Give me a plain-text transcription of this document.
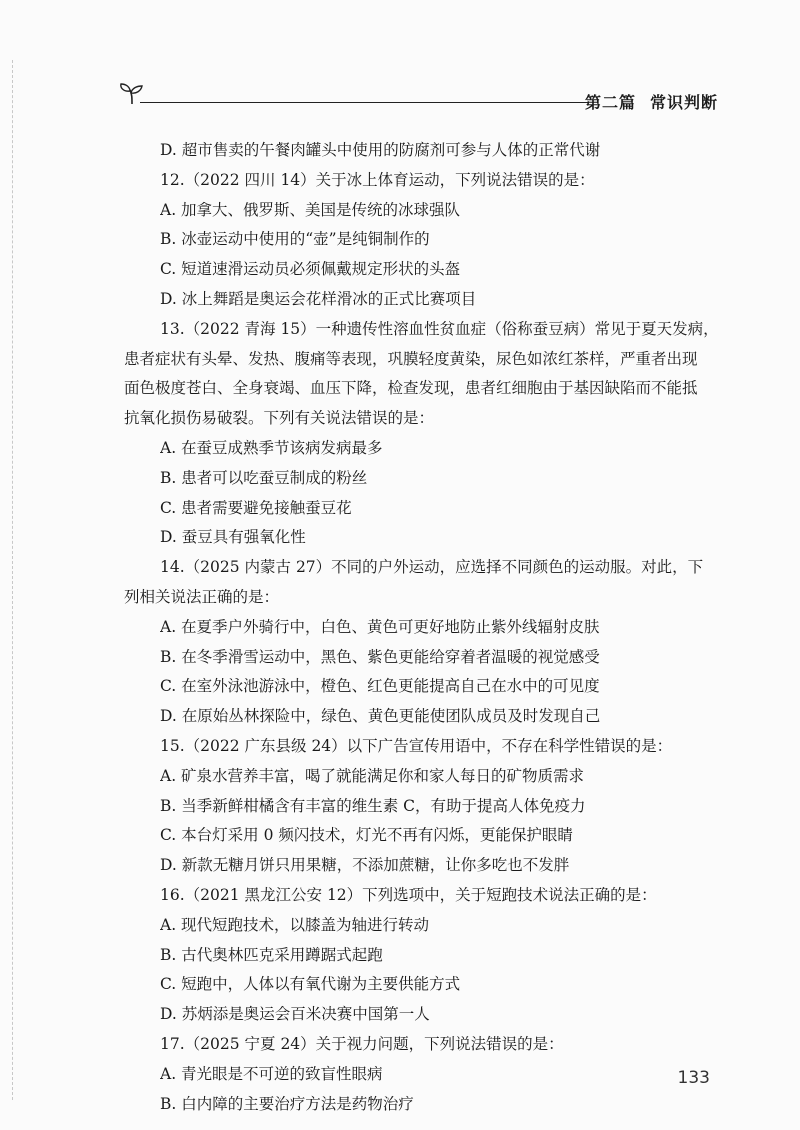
第二篇 常识判断
D. 超市售卖的午餐肉罐头中使用的防腐剂可参与人体的正常代谢
12.（2022 四川 14）关于冰上体育运动，下列说法错误的是：
A. 加拿大、俄罗斯、美国是传统的冰球强队
B. 冰壶运动中使用的“壶”是纯铜制作的
C. 短道速滑运动员必须佩戴规定形状的头盔
D. 冰上舞蹈是奥运会花样滑冰的正式比赛项目
13.（2022 青海 15）一种遗传性溶血性贫血症（俗称蚕豆病）常见于夏天发病，
患者症状有头晕、发热、腹痛等表现，巩膜轻度黄染，尿色如浓红茶样，严重者出现
面色极度苍白、全身衰竭、血压下降，检查发现，患者红细胞由于基因缺陷而不能抵
抗氧化损伤易破裂。下列有关说法错误的是：
A. 在蚕豆成熟季节该病发病最多
B. 患者可以吃蚕豆制成的粉丝
C. 患者需要避免接触蚕豆花
D. 蚕豆具有强氧化性
14.（2025 内蒙古 27）不同的户外运动，应选择不同颜色的运动服。对此，下
列相关说法正确的是：
A. 在夏季户外骑行中，白色、黄色可更好地防止紫外线辐射皮肤
B. 在冬季滑雪运动中，黑色、紫色更能给穿着者温暖的视觉感受
C. 在室外泳池游泳中，橙色、红色更能提高自己在水中的可见度
D. 在原始丛林探险中，绿色、黄色更能使团队成员及时发现自己
15.（2022 广东县级 24）以下广告宣传用语中，不存在科学性错误的是：
A. 矿泉水营养丰富，喝了就能满足你和家人每日的矿物质需求
B. 当季新鲜柑橘含有丰富的维生素 C，有助于提高人体免疫力
C. 本台灯采用 0 频闪技术，灯光不再有闪烁，更能保护眼睛
D. 新款无糖月饼只用果糖，不添加蔗糖，让你多吃也不发胖
16.（2021 黑龙江公安 12）下列选项中，关于短跑技术说法正确的是：
A. 现代短跑技术，以膝盖为轴进行转动
B. 古代奥林匹克采用蹲踞式起跑
C. 短跑中，人体以有氧代谢为主要供能方式
D. 苏炳添是奥运会百米决赛中国第一人
17.（2025 宁夏 24）关于视力问题，下列说法错误的是：
A. 青光眼是不可逆的致盲性眼病
B. 白内障的主要治疗方法是药物治疗
133
